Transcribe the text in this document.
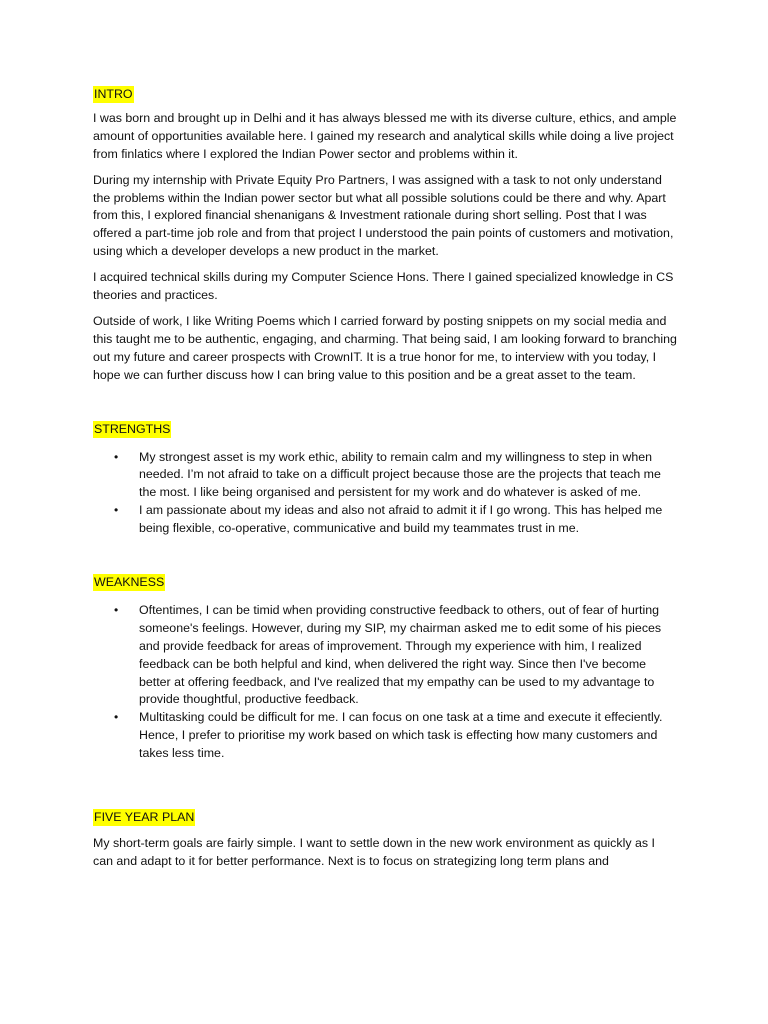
INTRO

I was born and brought up in Delhi and it has always blessed me with its diverse culture, ethics, and ample amount of opportunities available here. I gained my research and analytical skills while doing a live project from finlatics where I explored the Indian Power sector and problems within it.

During my internship with Private Equity Pro Partners, I was assigned with a task to not only understand the problems within the Indian power sector but what all possible solutions could be there and why. Apart from this, I explored financial shenanigans & Investment rationale during short selling. Post that I was offered a part-time job role and from that project I understood the pain points of customers and motivation, using which a developer develops a new product in the market.

I acquired technical skills during my Computer Science Hons. There I gained specialized knowledge in CS theories and practices.

Outside of work, I like Writing Poems which I carried forward by posting snippets on my social media and this taught me to be authentic, engaging, and charming. That being said, I am looking forward to branching out my future and career prospects with CrownIT. It is a true honor for me, to interview with you today, I hope we can further discuss how I can bring value to this position and be a great asset to the team.

STRENGTHS
• My strongest asset is my work ethic, ability to remain calm and my willingness to step in when needed. I’m not afraid to take on a difficult project because those are the projects that teach me the most. I like being organised and persistent for my work and do whatever is asked of me.
• I am passionate about my ideas and also not afraid to admit it if I go wrong. This has helped me being flexible, co-operative, communicative and build my teammates trust in me.
WEAKNESS
• Oftentimes, I can be timid when providing constructive feedback to others, out of fear of hurting someone's feelings. However, during my SIP, my chairman asked me to edit some of his pieces and provide feedback for areas of improvement. Through my experience with him, I realized feedback can be both helpful and kind, when delivered the right way. Since then I've become better at offering feedback, and I've realized that my empathy can be used to my advantage to provide thoughtful, productive feedback.
• Multitasking could be difficult for me. I can focus on one task at a time and execute it effeciently. Hence, I prefer to prioritise my work based on which task is effecting how many customers and takes less time.
FIVE YEAR PLAN

My short-term goals are fairly simple. I want to settle down in the new work environment as quickly as I can and adapt to it for better performance. Next is to focus on strategizing long term plans and
